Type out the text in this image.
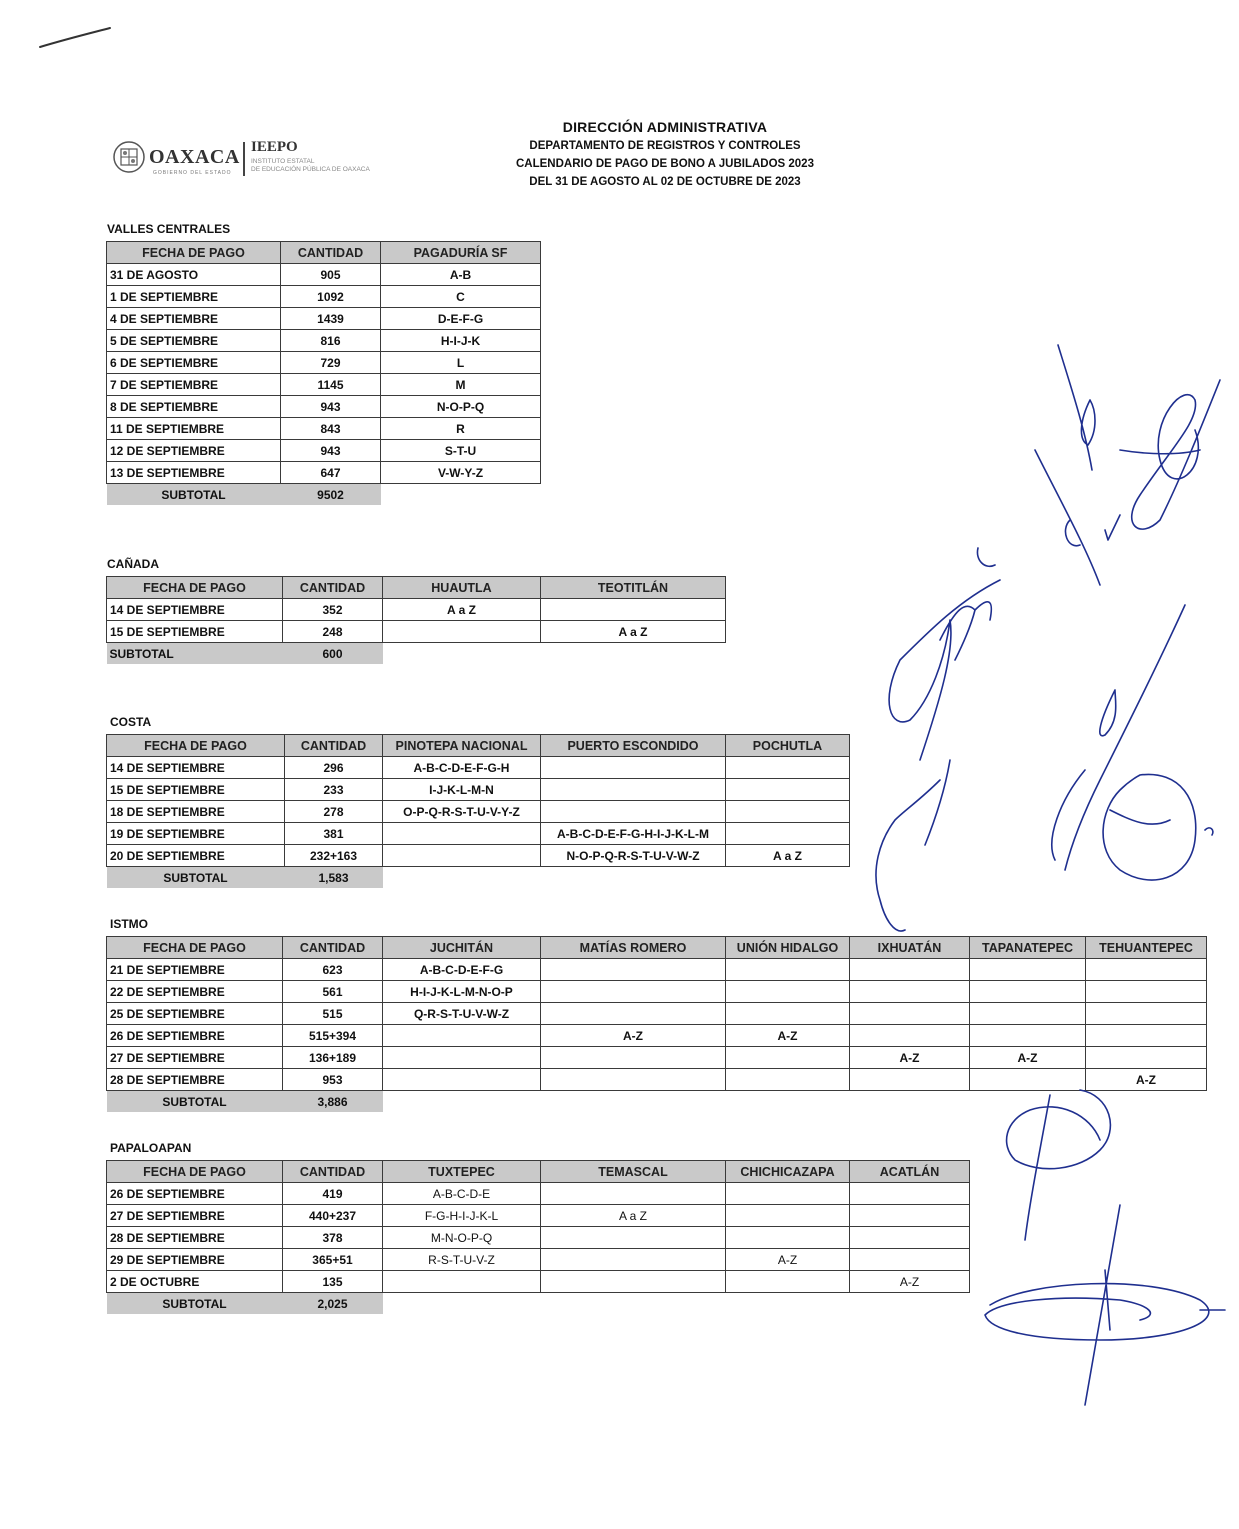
DIRECCIÓN ADMINISTRATIVA
DEPARTAMENTO DE REGISTROS Y CONTROLES
CALENDARIO DE PAGO DE BONO A JUBILADOS 2023
DEL 31 DE AGOSTO AL 02 DE OCTUBRE DE 2023
OAXACA
GOBIERNO DEL ESTADO
IEEPO
INSTITUTO ESTATAL
DE EDUCACIÓN PÚBLICA DE OAXACA
VALLES CENTRALES
FECHA DE PAGO	CANTIDAD	PAGADURÍA SF
31 DE AGOSTO	905	A-B
1 DE SEPTIEMBRE	1092	C
4 DE SEPTIEMBRE	1439	D-E-F-G
5 DE SEPTIEMBRE	816	H-I-J-K
6 DE SEPTIEMBRE	729	L
7 DE SEPTIEMBRE	1145	M
8 DE SEPTIEMBRE	943	N-O-P-Q
11 DE SEPTIEMBRE	843	R
12 DE SEPTIEMBRE	943	S-T-U
13 DE SEPTIEMBRE	647	V-W-Y-Z
SUBTOTAL	9502	
CAÑADA
FECHA DE PAGO	CANTIDAD	HUAUTLA	TEOTITLÁN
14 DE SEPTIEMBRE	352	A a Z	
15 DE SEPTIEMBRE	248		A a Z
SUBTOTAL	600		
COSTA
FECHA DE PAGO	CANTIDAD	PINOTEPA NACIONAL	PUERTO ESCONDIDO	POCHUTLA
14 DE SEPTIEMBRE	296	A-B-C-D-E-F-G-H		
15 DE SEPTIEMBRE	233	I-J-K-L-M-N		
18 DE SEPTIEMBRE	278	O-P-Q-R-S-T-U-V-Y-Z		
19 DE SEPTIEMBRE	381		A-B-C-D-E-F-G-H-I-J-K-L-M	
20 DE SEPTIEMBRE	232+163		N-O-P-Q-R-S-T-U-V-W-Z	A a Z
SUBTOTAL	1,583			
ISTMO
FECHA DE PAGO	CANTIDAD	JUCHITÁN	MATÍAS ROMERO	UNIÓN HIDALGO	IXHUATÁN	TAPANATEPEC	TEHUANTEPEC
21 DE SEPTIEMBRE	623	A-B-C-D-E-F-G					
22 DE SEPTIEMBRE	561	H-I-J-K-L-M-N-O-P					
25 DE SEPTIEMBRE	515	Q-R-S-T-U-V-W-Z					
26 DE SEPTIEMBRE	515+394		A-Z	A-Z			
27 DE SEPTIEMBRE	136+189				A-Z	A-Z	
28 DE SEPTIEMBRE	953						A-Z
SUBTOTAL	3,886						
PAPALOAPAN
FECHA DE PAGO	CANTIDAD	TUXTEPEC	TEMASCAL	CHICHICAZAPA	ACATLÁN
26 DE SEPTIEMBRE	419	A-B-C-D-E			
27 DE SEPTIEMBRE	440+237	F-G-H-I-J-K-L	A a Z		
28 DE SEPTIEMBRE	378	M-N-O-P-Q			
29 DE SEPTIEMBRE	365+51	R-S-T-U-V-Z		A-Z	
2 DE OCTUBRE	135				A-Z
SUBTOTAL	2,025				
